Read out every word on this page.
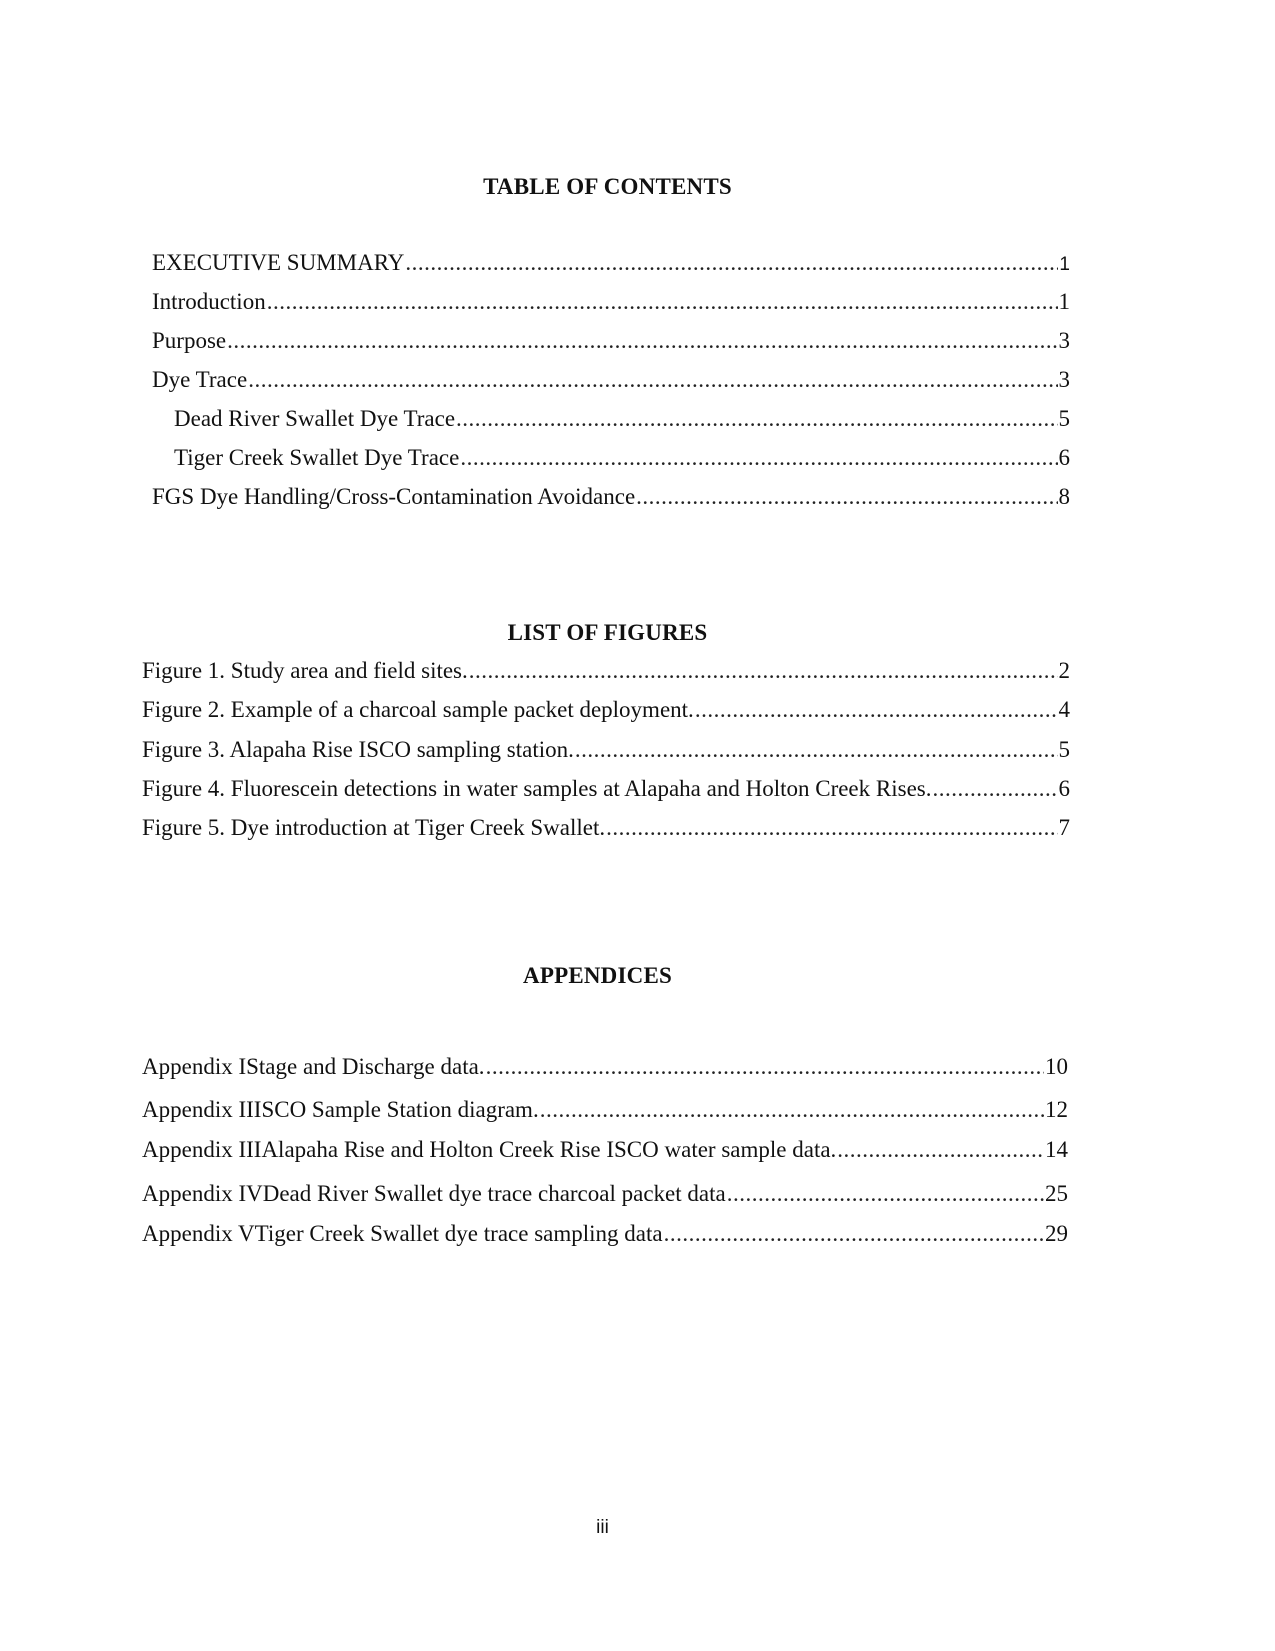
TABLE OF CONTENTS
EXECUTIVE SUMMARY .....	1
Introduction .....	1
Purpose .....	3
Dye Trace .....	3
Dead River Swallet Dye Trace .....	5
Tiger Creek Swallet Dye Trace .....	6
FGS Dye Handling/Cross-Contamination Avoidance .....	8
LIST OF FIGURES
Figure 1. Study area and field sites. .....	2
Figure 2. Example of a charcoal sample packet deployment. .....	4
Figure 3. Alapaha Rise ISCO sampling station. .....	5
Figure 4. Fluorescein detections in water samples at Alapaha and Holton Creek Rises. .....	6
Figure 5. Dye introduction at Tiger Creek Swallet. .....	7
APPENDICES
Appendix I Stage and Discharge data. .....	10
Appendix II ISCO Sample Station diagram. .....	12
Appendix III Alapaha Rise and Holton Creek Rise ISCO water sample data. .....	14
Appendix IV Dead River Swallet dye trace charcoal packet data .....	25
Appendix V Tiger Creek Swallet dye trace sampling data .....	29
iii
